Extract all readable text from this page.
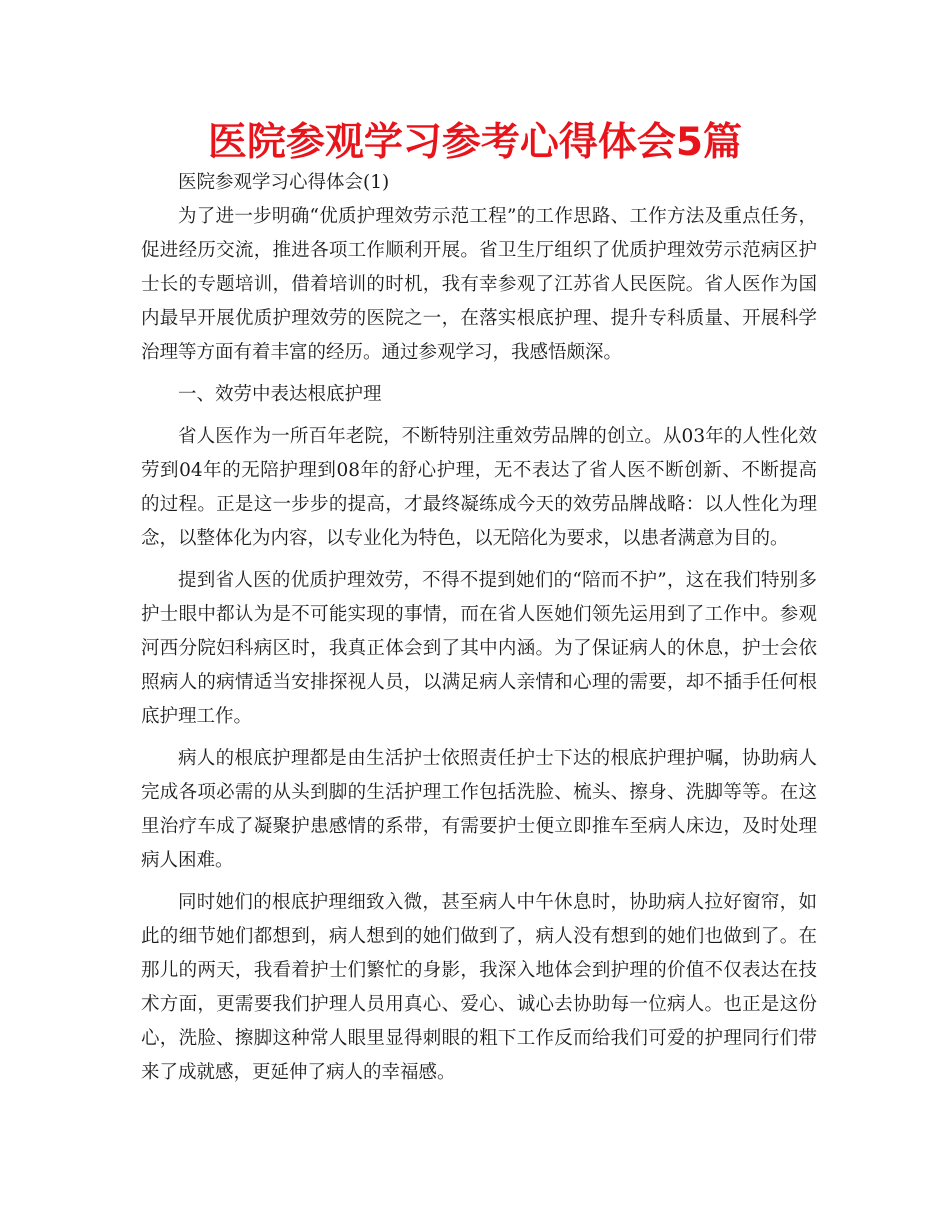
医院参观学习参考心得体会5篇

医院参观学习心得体会(1)

为了进一步明确“优质护理效劳示范工程”的工作思路、工作方法及重点任务，促进经历交流，推进各项工作顺利开展。省卫生厅组织了优质护理效劳示范病区护士长的专题培训，借着培训的时机，我有幸参观了江苏省人民医院。省人医作为国内最早开展优质护理效劳的医院之一，在落实根底护理、提升专科质量、开展科学治理等方面有着丰富的经历。通过参观学习，我感悟颇深。

一、效劳中表达根底护理

省人医作为一所百年老院，不断特别注重效劳品牌的创立。从03年的人性化效劳到04年的无陪护理到08年的舒心护理，无不表达了省人医不断创新、不断提高的过程。正是这一步步的提高，才最终凝练成今天的效劳品牌战略：以人性化为理念，以整体化为内容，以专业化为特色，以无陪化为要求，以患者满意为目的。

提到省人医的优质护理效劳，不得不提到她们的“陪而不护”，这在我们特别多护士眼中都认为是不可能实现的事情，而在省人医她们领先运用到了工作中。参观河西分院妇科病区时，我真正体会到了其中内涵。为了保证病人的休息，护士会依照病人的病情适当安排探视人员，以满足病人亲情和心理的需要，却不插手任何根底护理工作。

病人的根底护理都是由生活护士依照责任护士下达的根底护理护嘱，协助病人完成各项必需的从头到脚的生活护理工作包括洗脸、梳头、擦身、洗脚等等。在这里治疗车成了凝聚护患感情的系带，有需要护士便立即推车至病人床边，及时处理病人困难。

同时她们的根底护理细致入微，甚至病人中午休息时，协助病人拉好窗帘，如此的细节她们都想到，病人想到的她们做到了，病人没有想到的她们也做到了。在那儿的两天，我看着护士们繁忙的身影，我深入地体会到护理的价值不仅表达在技术方面，更需要我们护理人员用真心、爱心、诚心去协助每一位病人。也正是这份心，洗脸、擦脚这种常人眼里显得刺眼的粗下工作反而给我们可爱的护理同行们带来了成就感，更延伸了病人的幸福感。
